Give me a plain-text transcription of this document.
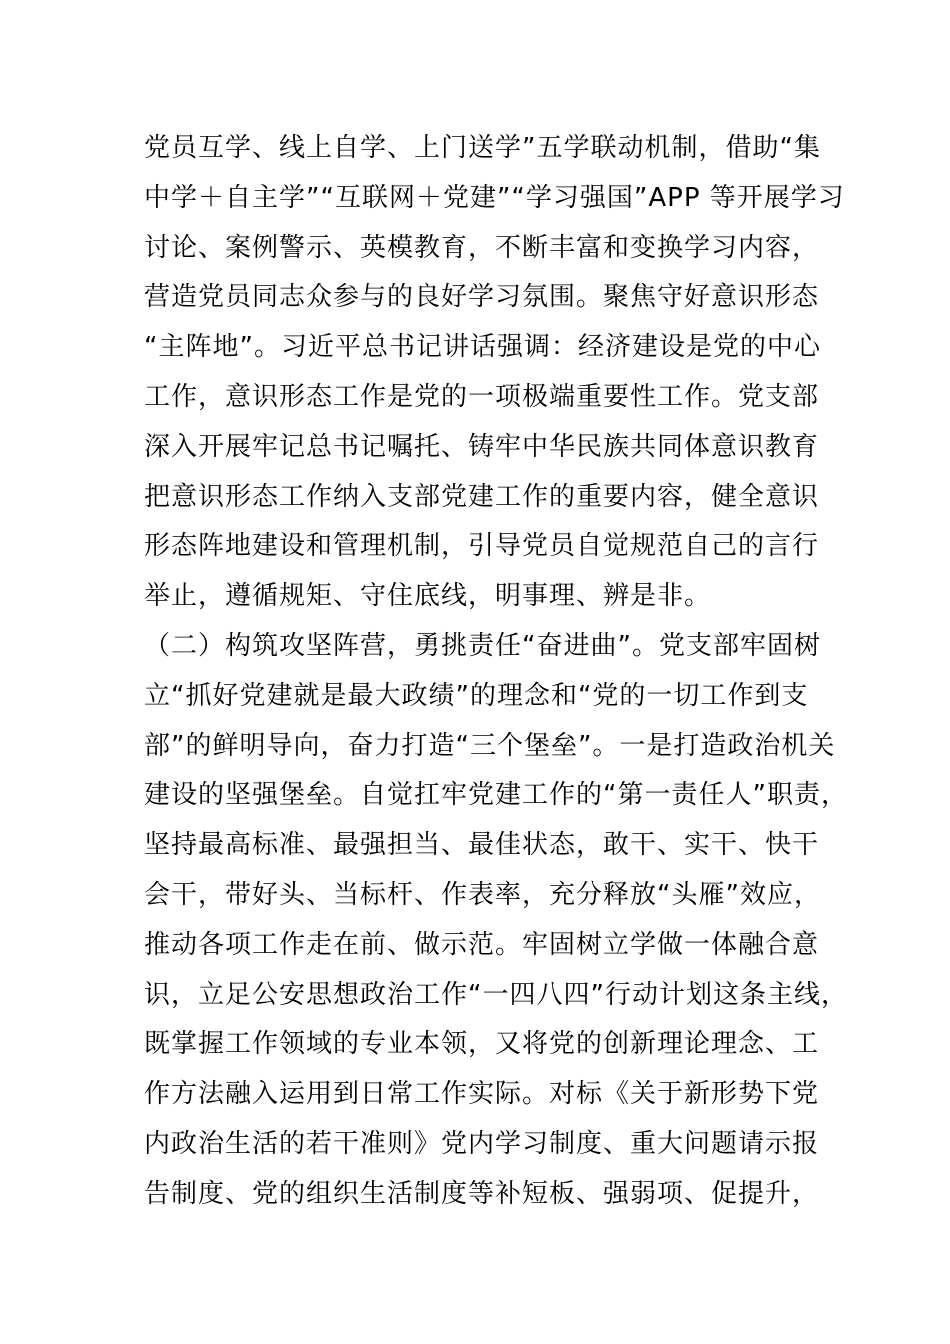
党员互学、线上自学、上门送学”五学联动机制，借助“集
中学＋自主学”“互联网＋党建”“学习强国”APP 等开展学习
讨论、案例警示、英模教育，不断丰富和变换学习内容，
营造党员同志众参与的良好学习氛围。聚焦守好意识形态
“主阵地”。习近平总书记讲话强调：经济建设是党的中心
工作，意识形态工作是党的一项极端重要性工作。党支部
深入开展牢记总书记嘱托、铸牢中华民族共同体意识教育
把意识形态工作纳入支部党建工作的重要内容，健全意识
形态阵地建设和管理机制，引导党员自觉规范自己的言行
举止，遵循规矩、守住底线，明事理、辨是非。
（二）构筑攻坚阵营，勇挑责任“奋进曲”。党支部牢固树
立“抓好党建就是最大政绩”的理念和“党的一切工作到支
部”的鲜明导向，奋力打造“三个堡垒”。一是打造政治机关
建设的坚强堡垒。自觉扛牢党建工作的“第一责任人”职责，
坚持最高标准、最强担当、最佳状态，敢干、实干、快干
会干，带好头、当标杆、作表率，充分释放“头雁”效应，
推动各项工作走在前、做示范。牢固树立学做一体融合意
识，立足公安思想政治工作“一四八四”行动计划这条主线，
既掌握工作领域的专业本领，又将党的创新理论理念、工
作方法融入运用到日常工作实际。对标《关于新形势下党
内政治生活的若干准则》党内学习制度、重大问题请示报
告制度、党的组织生活制度等补短板、强弱项、促提升，
